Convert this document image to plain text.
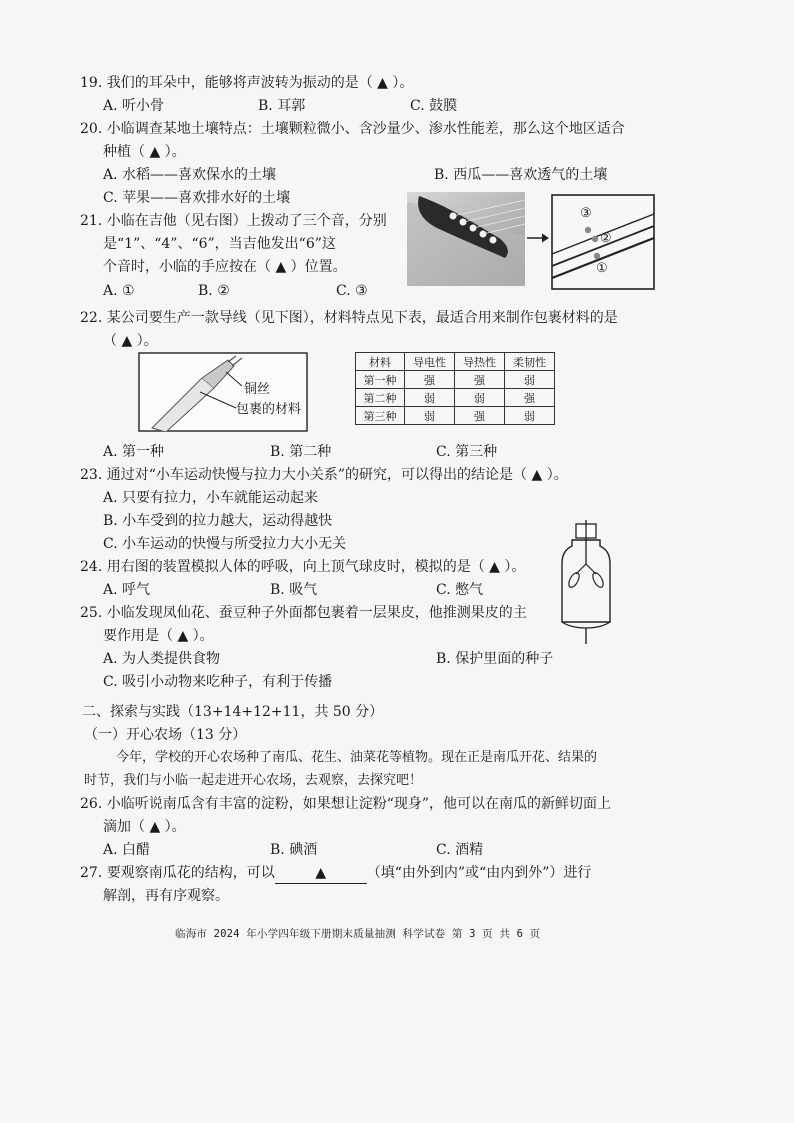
19. 我们的耳朵中，能够将声波转为振动的是（ ▲ ）。
A. 听小骨	B. 耳郭	C. 鼓膜
20. 小临调查某地土壤特点：土壤颗粒微小、含沙量少、渗水性能差，那么这个地区适合
种植（ ▲ ）。
A. 水稻——喜欢保水的土壤	B. 西瓜——喜欢透气的土壤
C. 苹果——喜欢排水好的土壤
21. 小临在吉他（见右图）上拨动了三个音，分别
是“1”、“4”、“6”，当吉他发出“6”这
个音时，小临的手应按在（ ▲ ）位置。
A. ①	B. ②	C. ③
③
②
①
22. 某公司要生产一款导线（见下图），材料特点见下表，最适合用来制作包裹材料的是
（ ▲ ）。
铜丝
包裹的材料
材料	导电性	导热性	柔韧性
第一种	强	强	弱
第二种	弱	弱	强
第三种	弱	强	弱
A. 第一种	B. 第二种	C. 第三种
23. 通过对“小车运动快慢与拉力大小关系”的研究，可以得出的结论是（ ▲ ）。
A. 只要有拉力，小车就能运动起来
B. 小车受到的拉力越大，运动得越快
C. 小车运动的快慢与所受拉力大小无关
24. 用右图的装置模拟人体的呼吸，向上顶气球皮时，模拟的是（ ▲ ）。
A. 呼气	B. 吸气	C. 憋气
25. 小临发现凤仙花、蚕豆种子外面都包裹着一层果皮，他推测果皮的主
要作用是（ ▲ ）。
A. 为人类提供食物	B. 保护里面的种子
C. 吸引小动物来吃种子，有利于传播
二、探索与实践（13+14+12+11，共 50 分）
（一）开心农场（13 分）
今年，学校的开心农场种了南瓜、花生、油菜花等植物。现在正是南瓜开花、结果的
时节，我们与小临一起走进开心农场，去观察，去探究吧！
26. 小临听说南瓜含有丰富的淀粉，如果想让淀粉“现身”，他可以在南瓜的新鲜切面上
滴加（ ▲ ）。
A. 白醋	B. 碘酒	C. 酒精
27. 要观察南瓜花的结构，可以	▲	（填“由外到内”或“由内到外”）进行
解剖，再有序观察。
临海市 2024 年小学四年级下册期末质量抽测 科学试卷 第 3 页 共 6 页
